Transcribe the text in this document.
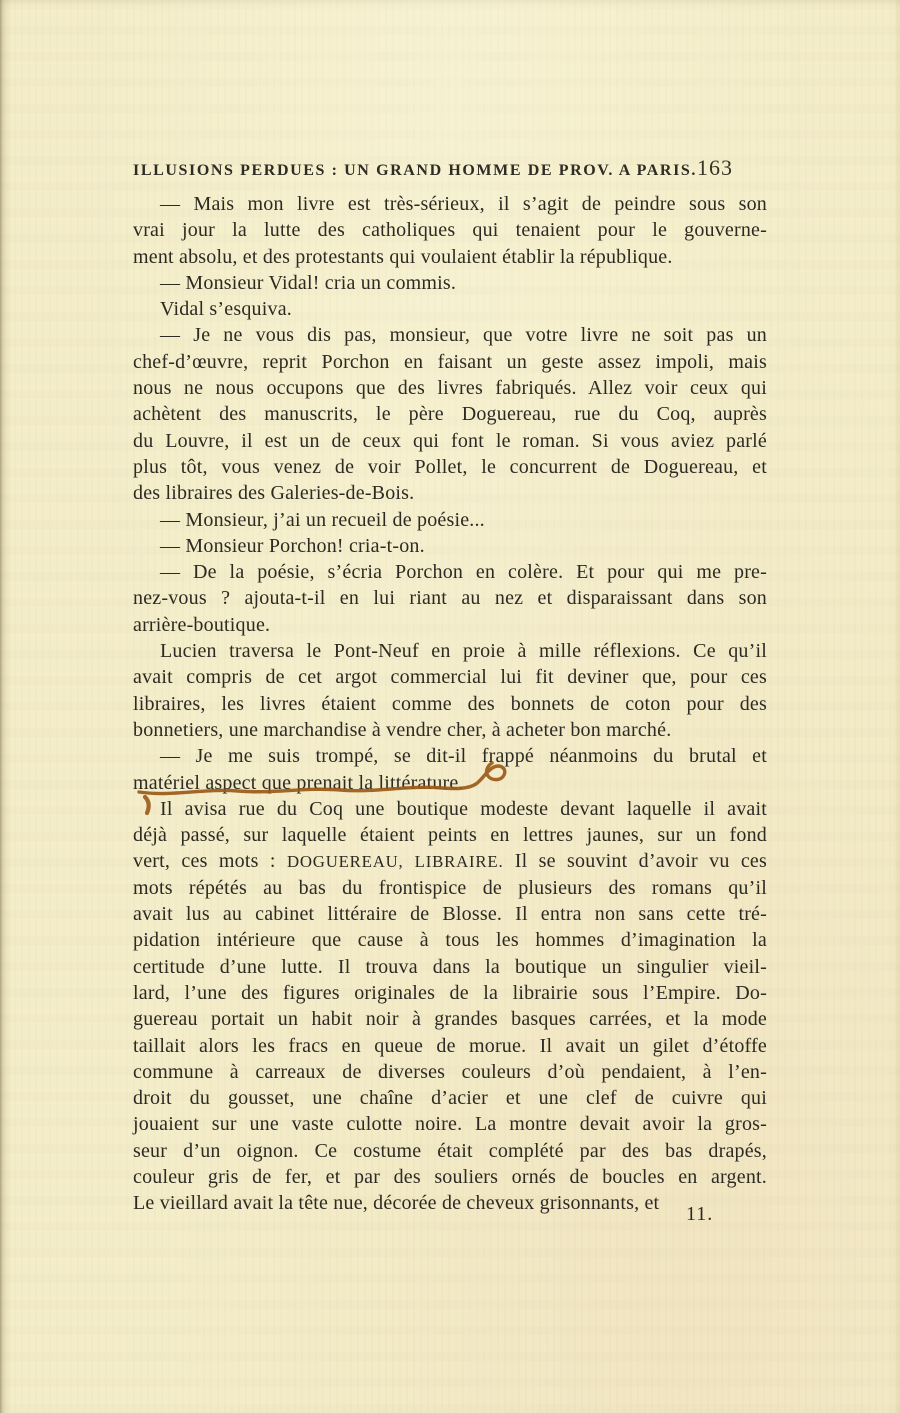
ILLUSIONS PERDUES : UN GRAND HOMME DE PROV. A PARIS. 163
— Mais mon livre est très-sérieux, il s’agit de peindre sous son
vrai jour la lutte des catholiques qui tenaient pour le gouverne-
ment absolu, et des protestants qui voulaient établir la république.
— Monsieur Vidal! cria un commis.
Vidal s’esquiva.
— Je ne vous dis pas, monsieur, que votre livre ne soit pas un
chef-d’œuvre, reprit Porchon en faisant un geste assez impoli, mais
nous ne nous occupons que des livres fabriqués. Allez voir ceux qui
achètent des manuscrits, le père Doguereau, rue du Coq, auprès
du Louvre, il est un de ceux qui font le roman. Si vous aviez parlé
plus tôt, vous venez de voir Pollet, le concurrent de Doguereau, et
des libraires des Galeries-de-Bois.
— Monsieur, j’ai un recueil de poésie...
— Monsieur Porchon! cria-t-on.
— De la poésie, s’écria Porchon en colère. Et pour qui me pre-
nez-vous ? ajouta-t-il en lui riant au nez et disparaissant dans son
arrière-boutique.
Lucien traversa le Pont-Neuf en proie à mille réflexions. Ce qu’il
avait compris de cet argot commercial lui fit deviner que, pour ces
libraires, les livres étaient comme des bonnets de coton pour des
bonnetiers, une marchandise à vendre cher, à acheter bon marché.
— Je me suis trompé, se dit-il frappé néanmoins du brutal et
matériel aspect que prenait la littérature.
Il avisa rue du Coq une boutique modeste devant laquelle il avait
déjà passé, sur laquelle étaient peints en lettres jaunes, sur un fond
vert, ces mots : DOGUEREAU, LIBRAIRE. Il se souvint d’avoir vu ces
mots répétés au bas du frontispice de plusieurs des romans qu’il
avait lus au cabinet littéraire de Blosse. Il entra non sans cette tré-
pidation intérieure que cause à tous les hommes d’imagination la
certitude d’une lutte. Il trouva dans la boutique un singulier vieil-
lard, l’une des figures originales de la librairie sous l’Empire. Do-
guereau portait un habit noir à grandes basques carrées, et la mode
taillait alors les fracs en queue de morue. Il avait un gilet d’étoffe
commune à carreaux de diverses couleurs d’où pendaient, à l’en-
droit du gousset, une chaîne d’acier et une clef de cuivre qui
jouaient sur une vaste culotte noire. La montre devait avoir la gros-
seur d’un oignon. Ce costume était complété par des bas drapés,
couleur gris de fer, et par des souliers ornés de boucles en argent.
Le vieillard avait la tête nue, décorée de cheveux grisonnants, et	11.
